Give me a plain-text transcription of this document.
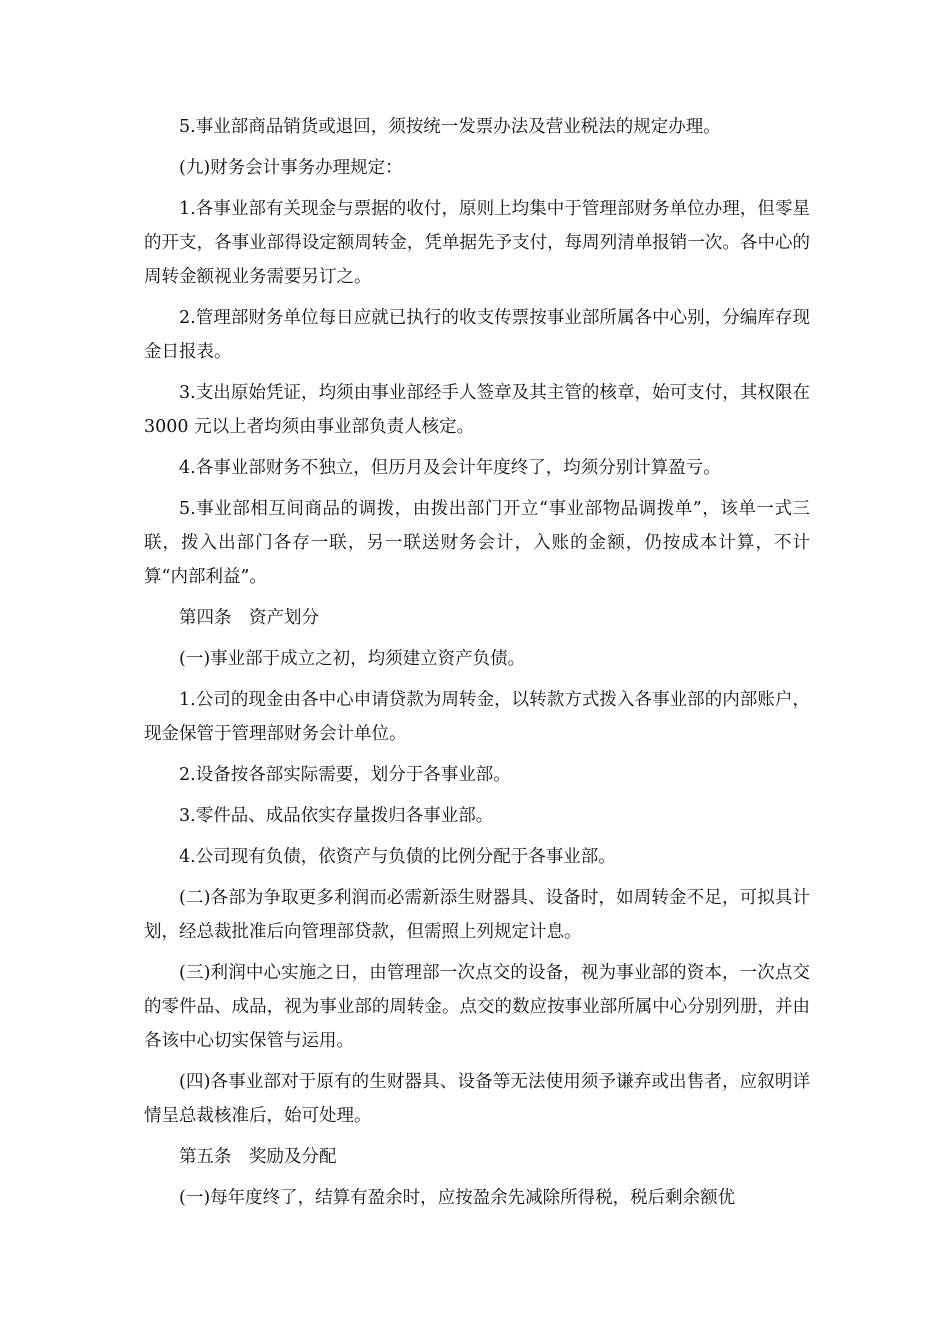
5.事业部商品销货或退回，须按统一发票办法及营业税法的规定办理。

(九)财务会计事务办理规定：

1.各事业部有关现金与票据的收付，原则上均集中于管理部财务单位办理，但零星的开支，各事业部得设定额周转金，凭单据先予支付，每周列清单报销一次。各中心的周转金额视业务需要另订之。

2.管理部财务单位每日应就已执行的收支传票按事业部所属各中心别，分编库存现金日报表。

3.支出原始凭证，均须由事业部经手人签章及其主管的核章，始可支付，其权限在 3000 元以上者均须由事业部负责人核定。

4.各事业部财务不独立，但历月及会计年度终了，均须分别计算盈亏。

5.事业部相互间商品的调拨，由拨出部门开立“事业部物品调拨单”，该单一式三联，拨入出部门各存一联，另一联送财务会计，入账的金额，仍按成本计算，不计算“内部利益”。

第四条　资产划分

(一)事业部于成立之初，均须建立资产负债。

1.公司的现金由各中心申请贷款为周转金，以转款方式拨入各事业部的内部账户，现金保管于管理部财务会计单位。

2.设备按各部实际需要，划分于各事业部。

3.零件品、成品依实存量拨归各事业部。

4.公司现有负债，依资产与负债的比例分配于各事业部。

(二)各部为争取更多利润而必需新添生财器具、设备时，如周转金不足，可拟具计划，经总裁批准后向管理部贷款，但需照上列规定计息。

(三)利润中心实施之日，由管理部一次点交的设备，视为事业部的资本，一次点交的零件品、成品，视为事业部的周转金。点交的数应按事业部所属中心分别列册，并由各该中心切实保管与运用。

(四)各事业部对于原有的生财器具、设备等无法使用须予谦弃或出售者，应叙明详情呈总裁核准后，始可处理。

第五条　奖励及分配

(一)每年度终了，结算有盈余时，应按盈余先减除所得税，税后剩余额优
